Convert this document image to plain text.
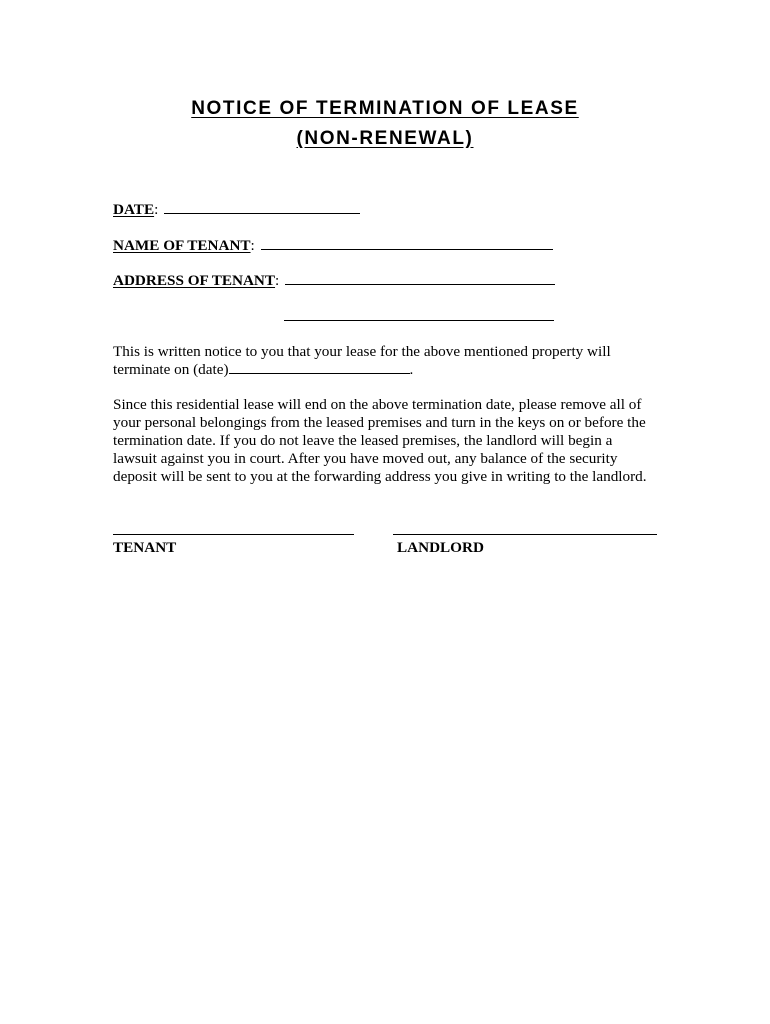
NOTICE OF TERMINATION OF LEASE
(NON-RENEWAL)
DATE :
NAME OF TENANT :
ADDRESS OF TENANT :

This is written notice to you that your lease for the above mentioned property will terminate on (date)	.

Since this residential lease will end on the above termination date, please remove all of your personal belongings from the leased premises and turn in the keys on or before the termination date. If you do not leave the leased premises, the landlord will begin a lawsuit against you in court. After you have moved out, any balance of the security deposit will be sent to you at the forwarding address you give in writing to the landlord.

TENANT	LANDLORD
